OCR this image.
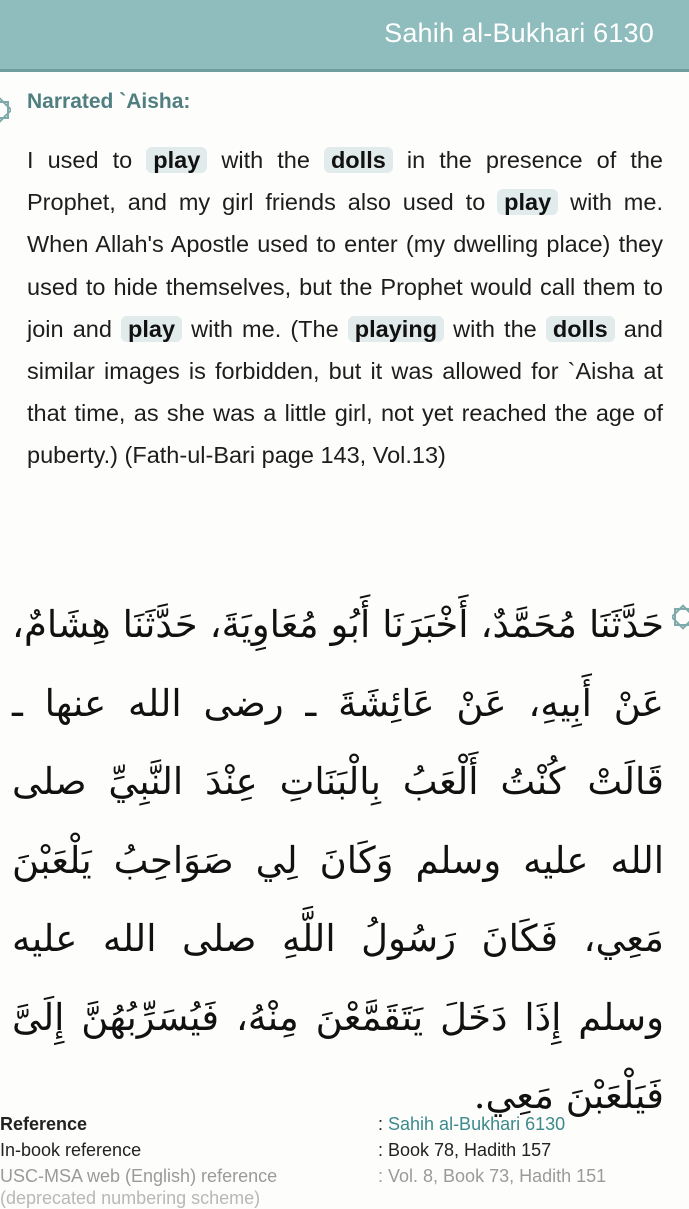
Sahih al-Bukhari 6130
Narrated `Aisha:
I used to play with the dolls in the presence of the Prophet, and my girl friends also used to play with me. When Allah's Apostle used to enter (my dwelling place) they used to hide themselves, but the Prophet would call them to join and play with me. (The playing with the dolls and similar images is forbidden, but it was allowed for `Aisha at that time, as she was a little girl, not yet reached the age of puberty.) (Fath-ul-Bari page 143, Vol.13)
حَدَّثَنَا مُحَمَّدٌ، أَخْبَرَنَا أَبُو مُعَاوِيَةَ، حَدَّثَنَا هِشَامٌ، عَنْ أَبِيهِ، عَنْ عَائِشَةَ ـ رضى الله عنها ـ قَالَتْ كُنْتُ أَلْعَبُ بِالْبَنَاتِ عِنْدَ النَّبِيِّ صلى الله عليه وسلم وَكَانَ لِي صَوَاحِبُ يَلْعَبْنَ مَعِي، فَكَانَ رَسُولُ اللَّهِ صلى الله عليه وسلم إِذَا دَخَلَ يَتَقَمَّعْنَ مِنْهُ، فَيُسَرِّبُهُنَّ إِلَىَّ فَيَلْعَبْنَ مَعِي.
Reference	: Sahih al-Bukhari 6130
In-book reference	: Book 78, Hadith 157
USC-MSA web (English) reference	: Vol. 8, Book 73, Hadith 151
(deprecated numbering scheme)
